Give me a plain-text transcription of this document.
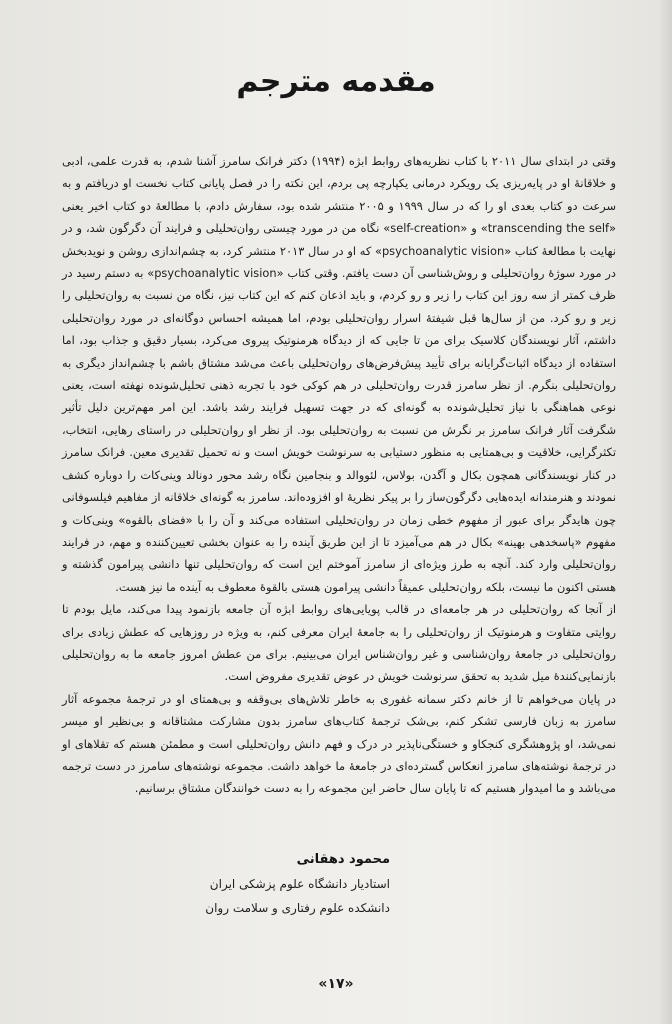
مقدمه مترجم

وقتی در ابتدای سال ۲۰۱۱ با کتاب نظریه‌های روابط ابژه (۱۹۹۴) دکتر فرانک سامرز آشنا شدم، به قدرت علمی، ادبی و خلاقانهٔ او در پایه‌ریزی یک رویکرد درمانی یکپارچه پی بردم، این نکته را در فصل پایانی کتاب نخست او دریافتم و به سرعت دو کتاب بعدی او را که در سال ۱۹۹۹ و ۲۰۰۵ منتشر شده بود، سفارش دادم، با مطالعهٔ دو کتاب اخیر یعنی «transcending the self» و «self-creation» نگاه من در مورد چیستی روان‌تحلیلی و فرایند آن دگرگون شد، و در نهایت با مطالعهٔ کتاب «psychoanalytic vision» که او در سال ۲۰۱۳ منتشر کرد، به چشم‌اندازی روشن و نویدبخش در مورد سوژهٔ روان‌تحلیلی و روش‌شناسی آن دست یافتم. وقتی کتاب «psychoanalytic vision» به دستم رسید در ظرف کمتر از سه روز این کتاب را زیر و رو کردم، و باید اذعان کنم که این کتاب نیز، نگاه من نسبت به روان‌تحلیلی را زیر و رو کرد. من از سال‌ها قبل شیفتهٔ اسرار روان‌تحلیلی بودم، اما همیشه احساس دوگانه‌ای در مورد روان‌تحلیلی داشتم، آثار نویسندگان کلاسیک برای من تا جایی که از دیدگاه هرمنوتیک پیروی می‌کرد، بسیار دقیق و جذاب بود، اما استفاده از دیدگاه اثبات‌گرایانه برای تأیید پیش‌فرض‌های روان‌تحلیلی باعث می‌شد مشتاق باشم با چشم‌انداز دیگری به روان‌تحلیلی بنگرم. از نظر سامرز قدرت روان‌تحلیلی در هم کوکی خود با تجربه ذهنی تحلیل‌شونده نهفته است، یعنی نوعی هماهنگی با نیاز تحلیل‌شونده به گونه‌ای که در جهت تسهیل فرایند رشد باشد. این امر مهم‌ترین دلیل تأثیر شگرفت آثار فرانک سامرز بر نگرش من نسبت به روان‌تحلیلی بود. از نظر او روان‌تحلیلی در راستای رهایی، انتخاب، تکثرگرایی، خلاقیت و بی‌همتایی به منظور دستیابی به سرنوشت خویش است و نه تحمیل تقدیری معین. فرانک سامرز در کنار نویسندگانی همچون بکال و آگدن، بولاس، لئووالد و بنجامین نگاه رشد محور دونالد وینی‌کات را دوباره کشف نمودند و هنرمندانه ایده‌هایی دگرگون‌ساز را بر پیکر نظریهٔ او افزوده‌اند. سامرز به گونه‌ای خلاقانه از مفاهیم فیلسوفانی چون هایدگر برای عبور از مفهوم خطی زمان در روان‌تحلیلی استفاده می‌کند و آن را با «فضای بالقوه» وینی‌کات و مفهوم «پاسخدهی بهینه» بکال در هم می‌آمیزد تا از این طریق آینده را به عنوان بخشی تعیین‌کننده و مهم، در فرایند روان‌تحلیلی وارد کند. آنچه به طرز ویژه‌ای از سامرز آموختم این است که روان‌تحلیلی تنها دانشی پیرامون گذشته و هستی اکنون ما نیست، بلکه روان‌تحلیلی عمیقاً دانشی پیرامون هستی بالقوهٔ معطوف به آینده ما نیز هست.

از آنجا که روان‌تحلیلی در هر جامعه‌ای در قالب پویایی‌های روابط ابژه آن جامعه بازنمود پیدا می‌کند، مایل بودم تا روایتی متفاوت و هرمنوتیک از روان‌تحلیلی را به جامعهٔ ایران معرفی کنم، به ویژه در روزهایی که عطش زیادی برای روان‌تحلیلی در جامعهٔ روان‌شناسی و غیر روان‌شناس ایران می‌بینیم. برای من عطش امروز جامعه ما به روان‌تحلیلی بازنمایی‌کنندهٔ میل شدید به تحقق سرنوشت خویش در عوض تقدیری مفروض است.

در پایان می‌خواهم تا از خانم دکتر سمانه غفوری به خاطر تلاش‌های بی‌وقفه و بی‌همتای او در ترجمهٔ مجموعه آثار سامرز به زبان فارسی تشکر کنم، بی‌شک ترجمهٔ کتاب‌های سامرز بدون مشارکت مشتاقانه و بی‌نظیر او میسر نمی‌شد، او پژوهشگری کنجکاو و خستگی‌ناپذیر در درک و فهم دانش روان‌تحلیلی است و مطمئن هستم که تقلاهای او در ترجمهٔ نوشته‌های سامرز انعکاس گسترده‌ای در جامعهٔ ما خواهد داشت. مجموعه نوشته‌های سامرز در دست ترجمه می‌باشد و ما امیدوار هستیم که تا پایان سال حاضر این مجموعه را به دست خوانندگان مشتاق برسانیم.

محمود دهقانی
استادیار دانشگاه علوم پزشکی ایران
دانشکده علوم رفتاری و سلامت روان
«۱۷»
